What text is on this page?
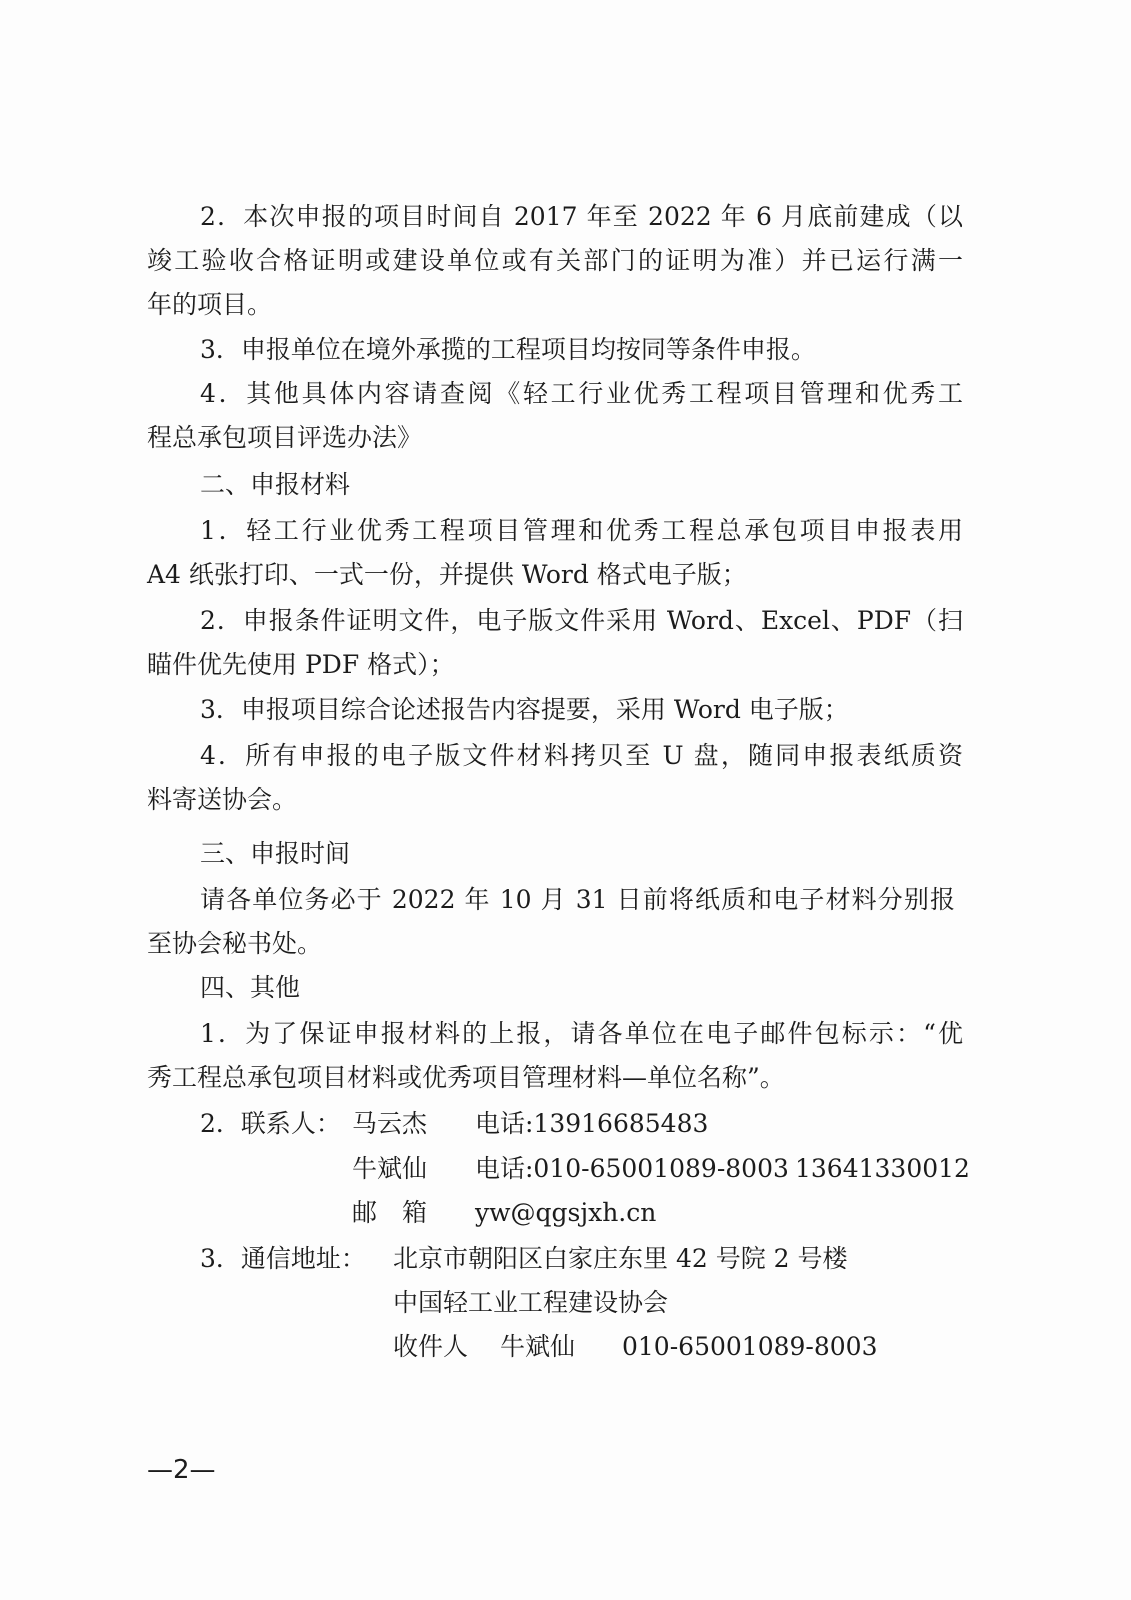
2．本次申报的项目时间自 2017 年至 2022 年 6 月底前建成（以

竣工验收合格证明或建设单位或有关部门的证明为准）并已运行满一

年的项目。

3．申报单位在境外承揽的工程项目均按同等条件申报。

4．其他具体内容请查阅《轻工行业优秀工程项目管理和优秀工

程总承包项目评选办法》

二、申报材料

1．轻工行业优秀工程项目管理和优秀工程总承包项目申报表用

A4 纸张打印、一式一份，并提供 Word 格式电子版；

2．申报条件证明文件，电子版文件采用 Word、Excel、PDF（扫

瞄件优先使用 PDF 格式）；

3．申报项目综合论述报告内容提要，采用 Word 电子版；

4．所有申报的电子版文件材料拷贝至 U 盘，随同申报表纸质资

料寄送协会。

三、申报时间

请各单位务必于 2022 年 10 月 31 日前将纸质和电子材料分别报

至协会秘书处。

四、其他

1．为了保证申报材料的上报，请各单位在电子邮件包标示：“优

秀工程总承包项目材料或优秀项目管理材料—单位名称”。

2．联系人：

马云杰

电话:13916685483

牛斌仙

电话:010-65001089-8003

13641330012

邮　箱

yw@qgsjxh.cn

3．通信地址：

北京市朝阳区白家庄东里 42 号院 2 号楼

中国轻工业工程建设协会

收件人

牛斌仙

010-65001089-8003

—2—
